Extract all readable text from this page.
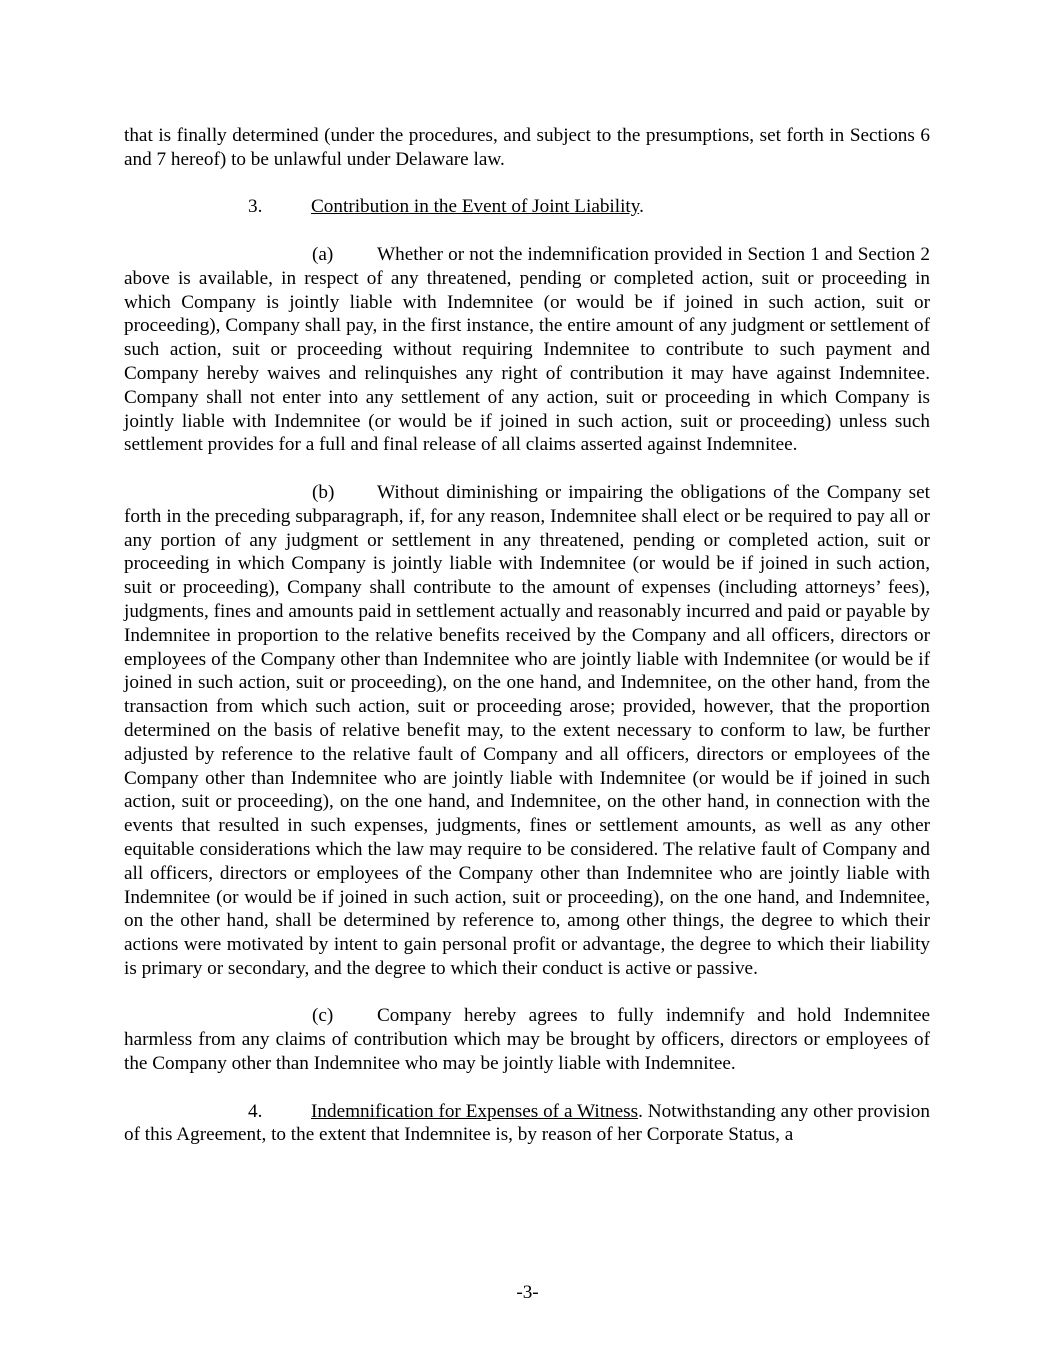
that is finally determined (under the procedures, and subject to the presumptions, set forth in Sections 6 and 7 hereof) to be unlawful under Delaware law.

3.	Contribution in the Event of Joint Liability.

(a) Whether or not the indemnification provided in Section 1 and Section 2 above is available, in respect of any threatened, pending or completed action, suit or proceeding in which Company is jointly liable with Indemnitee (or would be if joined in such action, suit or proceeding), Company shall pay, in the first instance, the entire amount of any judgment or settlement of such action, suit or proceeding without requiring Indemnitee to contribute to such payment and Company hereby waives and relinquishes any right of contribution it may have against Indemnitee. Company shall not enter into any settlement of any action, suit or proceeding in which Company is jointly liable with Indemnitee (or would be if joined in such action, suit or proceeding) unless such settlement provides for a full and final release of all claims asserted against Indemnitee.

(b) Without diminishing or impairing the obligations of the Company set forth in the preceding subparagraph, if, for any reason, Indemnitee shall elect or be required to pay all or any portion of any judgment or settlement in any threatened, pending or completed action, suit or proceeding in which Company is jointly liable with Indemnitee (or would be if joined in such action, suit or proceeding), Company shall contribute to the amount of expenses (including attorneys’ fees), judgments, fines and amounts paid in settlement actually and reasonably incurred and paid or payable by Indemnitee in proportion to the relative benefits received by the Company and all officers, directors or employees of the Company other than Indemnitee who are jointly liable with Indemnitee (or would be if joined in such action, suit or proceeding), on the one hand, and Indemnitee, on the other hand, from the transaction from which such action, suit or proceeding arose; provided, however, that the proportion determined on the basis of relative benefit may, to the extent necessary to conform to law, be further adjusted by reference to the relative fault of Company and all officers, directors or employees of the Company other than Indemnitee who are jointly liable with Indemnitee (or would be if joined in such action, suit or proceeding), on the one hand, and Indemnitee, on the other hand, in connection with the events that resulted in such expenses, judgments, fines or settlement amounts, as well as any other equitable considerations which the law may require to be considered. The relative fault of Company and all officers, directors or employees of the Company other than Indemnitee who are jointly liable with Indemnitee (or would be if joined in such action, suit or proceeding), on the one hand, and Indemnitee, on the other hand, shall be determined by reference to, among other things, the degree to which their actions were motivated by intent to gain personal profit or advantage, the degree to which their liability is primary or secondary, and the degree to which their conduct is active or passive.

(c) Company hereby agrees to fully indemnify and hold Indemnitee harmless from any claims of contribution which may be brought by officers, directors or employees of the Company other than Indemnitee who may be jointly liable with Indemnitee.

4.	Indemnification for Expenses of a Witness. Notwithstanding any other provision of this Agreement, to the extent that Indemnitee is, by reason of her Corporate Status, a

-3-
